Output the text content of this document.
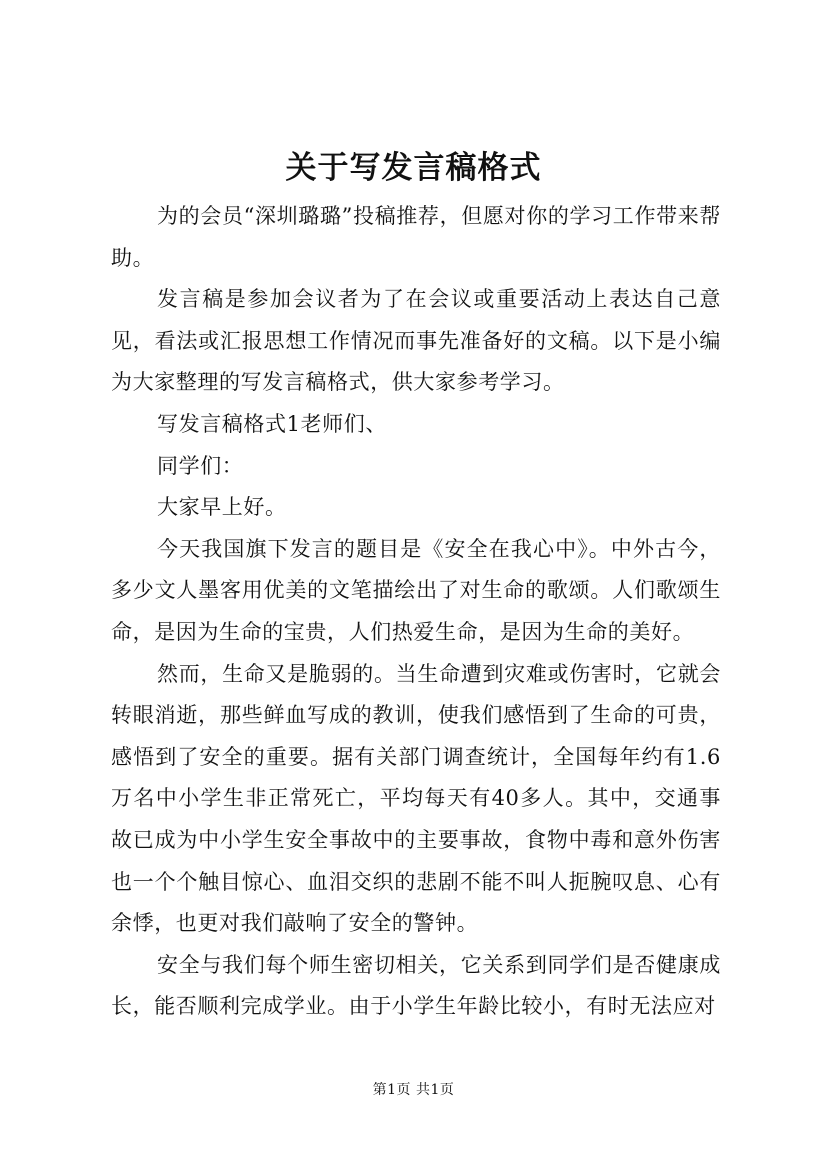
关于写发言稿格式

为的会员“深圳璐璐”投稿推荐，但愿对你的学习工作带来帮助。

发言稿是参加会议者为了在会议或重要活动上表达自己意见，看法或汇报思想工作情况而事先准备好的文稿。以下是小编为大家整理的写发言稿格式，供大家参考学习。

写发言稿格式1老师们、

同学们：

大家早上好。

今天我国旗下发言的题目是《安全在我心中》。中外古今，多少文人墨客用优美的文笔描绘出了对生命的歌颂。人们歌颂生命，是因为生命的宝贵，人们热爱生命，是因为生命的美好。

然而，生命又是脆弱的。当生命遭到灾难或伤害时，它就会转眼消逝，那些鲜血写成的教训，使我们感悟到了生命的可贵，感悟到了安全的重要。据有关部门调查统计，全国每年约有1.6万名中小学生非正常死亡，平均每天有40多人。其中，交通事故已成为中小学生安全事故中的主要事故，食物中毒和意外伤害也一个个触目惊心、血泪交织的悲剧不能不叫人扼腕叹息、心有余悸，也更对我们敲响了安全的警钟。

安全与我们每个师生密切相关，它关系到同学们是否健康成长，能否顺利完成学业。由于小学生年龄比较小，有时无法应对

第1页 共1页
